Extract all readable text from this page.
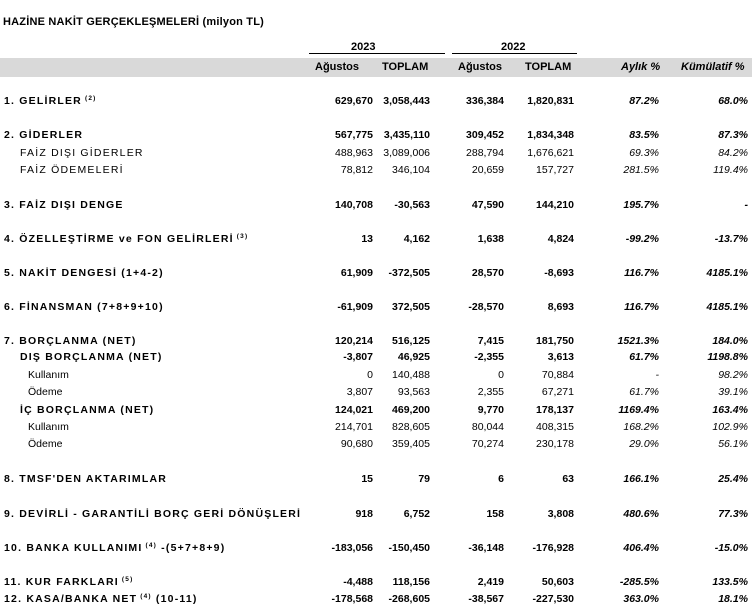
HAZİNE NAKİT GERÇEKLEŞMELERİ (milyon TL)
2023	2022
Ağustos TOPLAM	Ağustos TOPLAM	Aylık % Kümülatif %
1. GELİRLER $^{(2)}$	629,670 3,058,443	336,384	1,820,831	87.2%	68.0%
2. GİDERLER	567,775	3,435,110	309,452	1,834,348	83.5%	87.3%
FAİZ DIŞI GİDERLER	488,963 3,089,006	288,794	1,676,621	69.3%	84.2%
FAİZ ÖDEMELERİ	78,812	346,104	20,659	157,727	281.5%	119.4%
3. FAİZ DIŞI DENGE	140,708	-30,563	47,590	144,210	195.7%	-
4. ÖZELLEŞTİRME ve FON GELİRLERİ $^{(3)}$	13	4,162	1,638	4,824	-99.2%	-13.7%
5. NAKİT DENGESİ (1+4-2)	61,909	-372,505	28,570	-8,693	116.7%	4185.1%
6. FİNANSMAN (7+8+9+10)	-61,909	372,505	-28,570	8,693	116.7%	4185.1%
7. BORÇLANMA (NET)	120,214	516,125	7,415	181,750	1521.3%	184.0%
DIŞ BORÇLANMA (NET)	-3,807	46,925	-2,355	3,613	61.7%	1198.8%
Kullanım	0	140,488	0	70,884	-	98.2%
Ödeme	3,807	93,563	2,355	67,271	61.7%	39.1%
İÇ BORÇLANMA (NET)	124,021	469,200	9,770	178,137	1169.4%	163.4%
Kullanım	214,701	828,605	80,044	408,315	168.2%	102.9%
Ödeme	90,680	359,405	70,274	230,178	29.0%	56.1%
8. TMSF'DEN AKTARIMLAR	15	79	6	63	166.1%	25.4%
9. DEVİRLİ - GARANTİLİ BORÇ GERİ DÖNÜŞLERİ	918	6,752	158	3,808	480.6%	77.3%
10. BANKA KULLANIMI $^{(4)}$ -(5+7+8+9)	-183,056	-150,450	-36,148	-176,928	406.4%	-15.0%
11. KUR FARKLARI $^{(5)}$	-4,488	118,156	2,419	50,603	-285.5%	133.5%
12. KASA/BANKA NET $^{(4)}$ (10-11)	-178,568	-268,605	-38,567	-227,530	363.0%	18.1%
